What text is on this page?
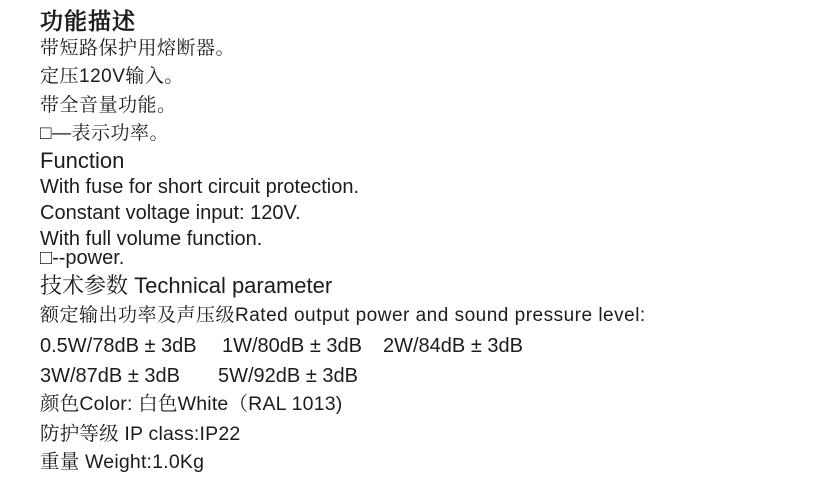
功能描述

带短路保护用熔断器。

定压120V输入。

带全音量功能。

□—表示功率。

Function

With fuse for short circuit protection.

Constant voltage input: 120V.

With full volume function.

□--power.

技术参数 Technical parameter

额定输出功率及声压级Rated output power and sound pressure level:

0.5W/78dB ± 3dB 1W/80dB ± 3dB 2W/84dB ± 3dB

3W/87dB ± 3dB 5W/92dB ± 3dB

颜色Color: 白色White（RAL 1013)

防护等级 IP class:IP22

重量 Weight:1.0Kg
